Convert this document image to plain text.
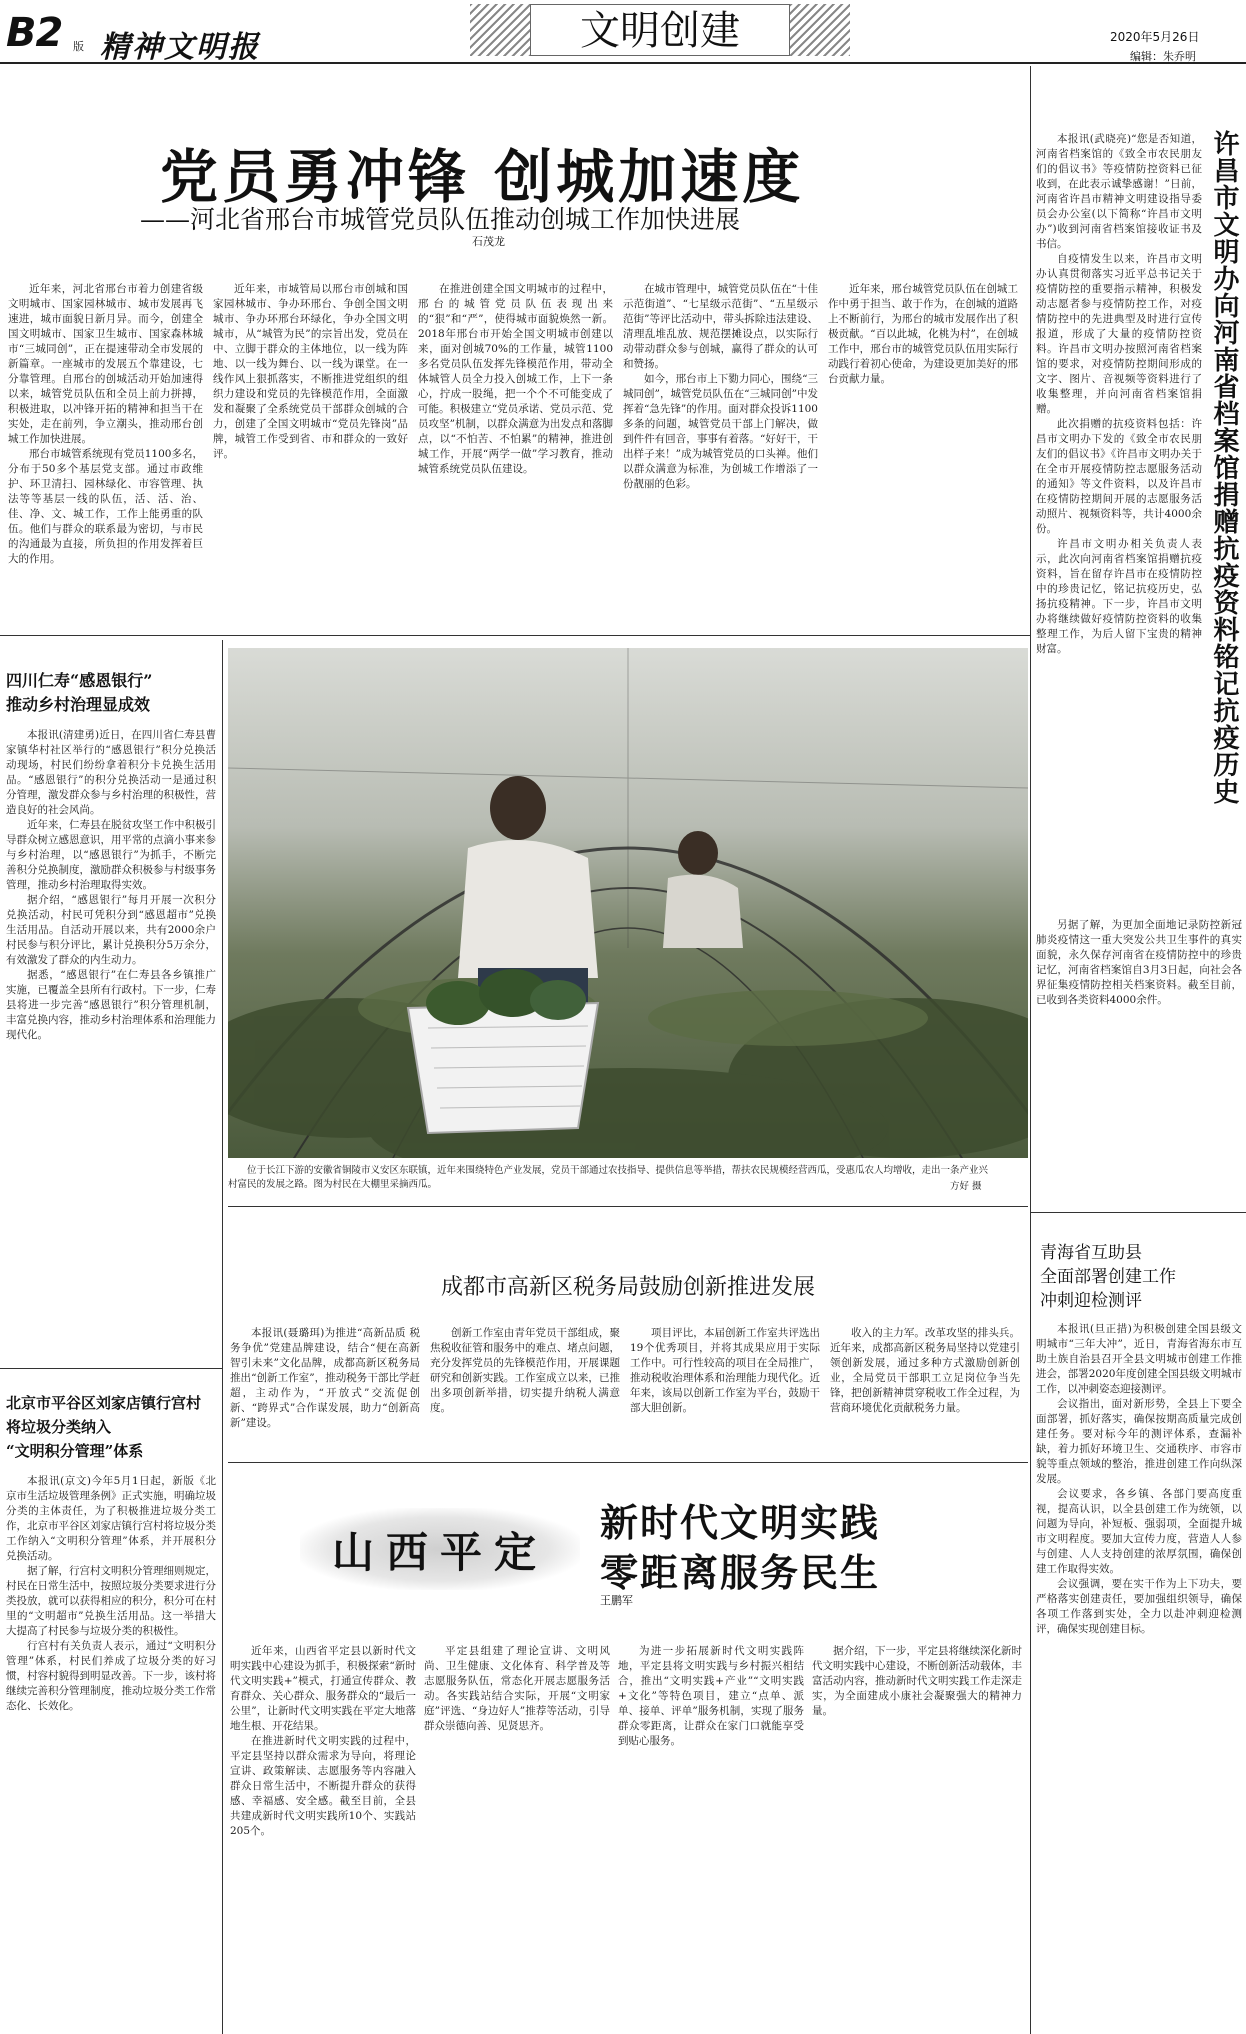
B2 版 精神文明报	文明创建	2020年5月26日
编辑：朱乔明
党员勇冲锋 创城加速度
——河北省邢台市城管党员队伍推动创城工作加快进展
石茂龙

近年来，河北省邢台市着力创建省级文明城市、国家园林城市、城市发展再飞速进，城市面貌日新月异。而今，创建全国文明城市、国家卫生城市、国家森林城市“三城同创”，正在提速带动全市发展的新篇章。一座城市的发展五个靠建设，七分靠管理。自邢台的创城活动开始加速得以来，城管党员队伍和全员上前力拼搏，积极进取，以冲锋开拓的精神和担当干在实处，走在前列，争立潮头，推动邢台创城工作加快进展。

邢台市城管系统现有党员1100多名，分布于50多个基层党支部。通过市政维护、环卫清扫、园林绿化、市容管理、执法等等基层一线的队伍，活、活、治、佳、净、文、城工作，工作上能勇重的队伍。他们与群众的联系最为密切，与市民的沟通最为直接，所负担的作用发挥着巨大的作用。

近年来，市城管局以邢台市创城和国家园林城市、争办环邢台、争创全国文明城市、争办环邢台环绿化，争办全国文明城市，从“城管为民”的宗旨出发，党员在中、立脚于群众的主体地位，以一线为阵地、以一线为舞台、以一线为课堂。在一线作风上狠抓落实，不断推进党组织的组织力建设和党员的先锋模范作用，全面激发和凝聚了全系统党员干部群众创城的合力，创建了全国文明城市“党员先锋岗”品牌，城管工作受到省、市和群众的一致好评。

在推进创建全国文明城市的过程中，邢台的城管党员队伍表现出来的“狠”和“严”，使得城市面貌焕然一新。2018年邢台市开始全国文明城市创建以来，面对创城70%的工作量，城管1100多名党员队伍发挥先锋模范作用，带动全体城管人员全力投入创城工作，上下一条心，拧成一股绳，把一个个不可能变成了可能。积极建立“党员承诺、党员示范、党员攻坚”机制，以群众满意为出发点和落脚点，以“不怕苦、不怕累”的精神，推进创城工作，开展“两学一做”学习教育，推动城管系统党员队伍建设。

在城市管理中，城管党员队伍在“十佳示范街道”、“七星级示范街”、“五星级示范街”等评比活动中，带头拆除违法建设、清理乱堆乱放、规范摆摊设点，以实际行动带动群众参与创城，赢得了群众的认可和赞扬。

如今，邢台市上下勠力同心，围绕“三城同创”，城管党员队伍在“三城同创”中发挥着“急先锋”的作用。面对群众投诉1100多条的问题，城管党员干部上门解决，做到件件有回音，事事有着落。“好好干，干出样子来！”成为城管党员的口头禅。他们以群众满意为标准，为创城工作增添了一份靓丽的色彩。

近年来，邢台城管党员队伍在创城工作中勇于担当、敢于作为，在创城的道路上不断前行，为邢台的城市发展作出了积极贡献。“百以此城，化桃为村”，在创城工作中，邢台市的城管党员队伍用实际行动践行着初心使命，为建设更加美好的邢台贡献力量。

四川仁寿“感恩银行”
推动乡村治理显成效

本报讯(清建勇)近日，在四川省仁寿县曹家镇华村社区举行的“感恩银行”积分兑换活动现场，村民们纷纷拿着积分卡兑换生活用品。“感恩银行”的积分兑换活动一是通过积分管理，激发群众参与乡村治理的积极性，营造良好的社会风尚。

近年来，仁寿县在脱贫攻坚工作中积极引导群众树立感恩意识，用平常的点滴小事来参与乡村治理，以“感恩银行”为抓手，不断完善积分兑换制度，激励群众积极参与村级事务管理，推动乡村治理取得实效。

据介绍，“感恩银行”每月开展一次积分兑换活动，村民可凭积分到“感恩超市”兑换生活用品。自活动开展以来，共有2000余户村民参与积分评比，累计兑换积分5万余分，有效激发了群众的内生动力。

据悉，“感恩银行”在仁寿县各乡镇推广实施，已覆盖全县所有行政村。下一步，仁寿县将进一步完善“感恩银行”积分管理机制，丰富兑换内容，推动乡村治理体系和治理能力现代化。

北京市平谷区刘家店镇行宫村
将垃圾分类纳入
“文明积分管理”体系

本报讯(京文)今年5月1日起，新版《北京市生活垃圾管理条例》正式实施，明确垃圾分类的主体责任，为了积极推进垃圾分类工作，北京市平谷区刘家店镇行宫村将垃圾分类工作纳入“文明积分管理”体系，并开展积分兑换活动。

据了解，行宫村文明积分管理细则规定，村民在日常生活中，按照垃圾分类要求进行分类投放，就可以获得相应的积分，积分可在村里的“文明超市”兑换生活用品。这一举措大大提高了村民参与垃圾分类的积极性。

行宫村有关负责人表示，通过“文明积分管理”体系，村民们养成了垃圾分类的好习惯，村容村貌得到明显改善。下一步，该村将继续完善积分管理制度，推动垃圾分类工作常态化、长效化。

位于长江下游的安徽省铜陵市义安区东联镇，近年来围绕特色产业发展，党员干部通过农技指导、提供信息等举措，帮扶农民规模经营西瓜，受惠瓜农人均增收，走出一条产业兴村富民的发展之路。图为村民在大棚里采摘西瓜。	方好 摄
成都市高新区税务局鼓励创新推进发展

本报讯(聂璐珥)为推进“高新品质 税务争优”党建品牌建设，结合“便在高新 智引未来”文化品牌，成都高新区税务局推出“创新工作室”，推动税务干部比学赶超，主动作为，“开放式”交流促创新、“跨界式”合作谋发展，助力“创新高新”建设。

创新工作室由青年党员干部组成，聚焦税收征管和服务中的难点、堵点问题，充分发挥党员的先锋模范作用，开展课题研究和创新实践。工作室成立以来，已推出多项创新举措，切实提升纳税人满意度。

项目评比，本届创新工作室共评选出19个优秀项目，并将其成果应用于实际工作中。可行性较高的项目在全局推广，推动税收治理体系和治理能力现代化。近年来，该局以创新工作室为平台，鼓励干部大胆创新。

收入的主力军。改革攻坚的排头兵。近年来，成都高新区税务局坚持以党建引领创新发展，通过多种方式激励创新创业，全局党员干部职工立足岗位争当先锋，把创新精神贯穿税收工作全过程，为营商环境优化贡献税务力量。

山西平定
新时代文明实践
零距离服务民生
王鹏军

近年来，山西省平定县以新时代文明实践中心建设为抓手，积极探索“新时代文明实践+”模式，打通宣传群众、教育群众、关心群众、服务群众的“最后一公里”，让新时代文明实践在平定大地落地生根、开花结果。

在推进新时代文明实践的过程中，平定县坚持以群众需求为导向，将理论宣讲、政策解读、志愿服务等内容融入群众日常生活中，不断提升群众的获得感、幸福感、安全感。截至目前，全县共建成新时代文明实践所10个、实践站205个。

平定县组建了理论宣讲、文明风尚、卫生健康、文化体育、科学普及等志愿服务队伍，常态化开展志愿服务活动。各实践站结合实际，开展“文明家庭”评选、“身边好人”推荐等活动，引导群众崇德向善、见贤思齐。

为进一步拓展新时代文明实践阵地，平定县将文明实践与乡村振兴相结合，推出“文明实践+产业”“文明实践+文化”等特色项目，建立“点单、派单、接单、评单”服务机制，实现了服务群众零距离，让群众在家门口就能享受到贴心服务。

据介绍，下一步，平定县将继续深化新时代文明实践中心建设，不断创新活动载体，丰富活动内容，推动新时代文明实践工作走深走实，为全面建成小康社会凝聚强大的精神力量。

许昌市文明办向河南省档案馆捐赠抗疫资料铭记抗疫历史

本报讯(武晓亮)“您是否知道，河南省档案馆的《致全市农民朋友们的倡议书》等疫情防控资料已征收到，在此表示诚挚感谢！”日前，河南省许昌市精神文明建设指导委员会办公室(以下简称“许昌市文明办”)收到河南省档案馆接收证书及书信。

自疫情发生以来，许昌市文明办认真贯彻落实习近平总书记关于疫情防控的重要指示精神，积极发动志愿者参与疫情防控工作，对疫情防控中的先进典型及时进行宣传报道，形成了大量的疫情防控资料。许昌市文明办按照河南省档案馆的要求，对疫情防控期间形成的文字、图片、音视频等资料进行了收集整理，并向河南省档案馆捐赠。

此次捐赠的抗疫资料包括：许昌市文明办下发的《致全市农民朋友们的倡议书》《许昌市文明办关于在全市开展疫情防控志愿服务活动的通知》等文件资料，以及许昌市在疫情防控期间开展的志愿服务活动照片、视频资料等，共计4000余份。

许昌市文明办相关负责人表示，此次向河南省档案馆捐赠抗疫资料，旨在留存许昌市在疫情防控中的珍贵记忆，铭记抗疫历史，弘扬抗疫精神。下一步，许昌市文明办将继续做好疫情防控资料的收集整理工作，为后人留下宝贵的精神财富。

另据了解，为更加全面地记录防控新冠肺炎疫情这一重大突发公共卫生事件的真实面貌，永久保存河南省在疫情防控中的珍贵记忆，河南省档案馆自3月3日起，向社会各界征集疫情防控相关档案资料。截至目前，已收到各类资料4000余件。

青海省互助县
全面部署创建工作
冲刺迎检测评

本报讯(旦正措)为积极创建全国县级文明城市“三年大冲”，近日，青海省海东市互助土族自治县召开全县文明城市创建工作推进会，部署2020年度创建全国县级文明城市工作，以冲刺姿态迎接测评。

会议指出，面对新形势，全县上下要全面部署，抓好落实，确保按期高质量完成创建任务。要对标今年的测评体系，查漏补缺，着力抓好环境卫生、交通秩序、市容市貌等重点领域的整治，推进创建工作向纵深发展。

会议要求，各乡镇、各部门要高度重视，提高认识，以全县创建工作为统领，以问题为导向，补短板、强弱项，全面提升城市文明程度。要加大宣传力度，营造人人参与创建、人人支持创建的浓厚氛围，确保创建工作取得实效。

会议强调，要在实干作为上下功夫，要严格落实创建责任，要加强组织领导，确保各项工作落到实处，全力以赴冲刺迎检测评，确保实现创建目标。
